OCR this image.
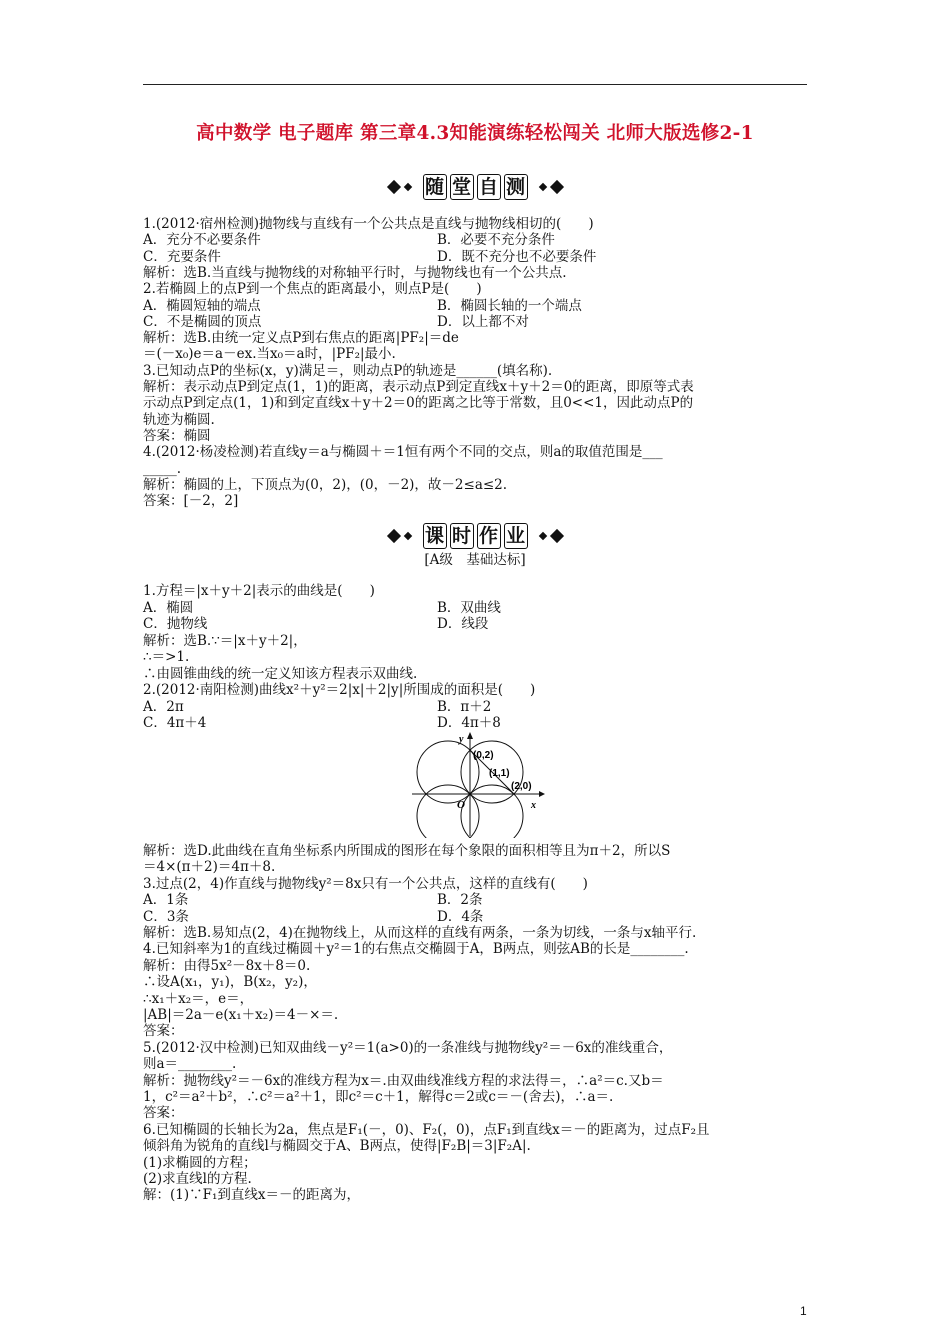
高中数学 电子题库 第三章4.3知能演练轻松闯关 北师大版选修2-1
随 堂 自 测
1.(2012·宿州检测)抛物线与直线有一个公共点是直线与抛物线相切的(　　)
A．充分不必要条件
C．充要条件
解析：选B.当直线与抛物线的对称轴平行时，与抛物线也有一个公共点.
2.若椭圆上的点P到一个焦点的距离最小，则点P是(　　)
A．椭圆短轴的端点
C．不是椭圆的顶点
解析：选B.由统一定义点P到右焦点的距离|PF₂|＝de
＝(－x₀)e＝a－ex.当x₀＝a时，|PF₂|最小.
3.已知动点P的坐标(x，y)满足＝，则动点P的轨迹是______(填名称).
解析：表示动点P到定点(1，1)的距离，表示动点P到定直线x＋y＋2＝0的距离，即原等式表
示动点P到定点(1，1)和到定直线x＋y＋2＝0的距离之比等于常数，且0<<1，因此动点P的
轨迹为椭圆.
答案：椭圆
4.(2012·杨凌检测)若直线y＝a与椭圆＋＝1恒有两个不同的交点，则a的取值范围是___
_____.
解析：椭圆的上，下顶点为(0，2)，(0，－2)，故－2≤a≤2.
答案：[－2，2]
B．必要不充分条件
D．既不充分也不必要条件
B．椭圆长轴的一个端点
D．以上都不对
课 时 作 业
[A级　基础达标]
1.方程＝|x＋y＋2|表示的曲线是(　　)
A．椭圆
C．抛物线
解析：选B.∵＝|x＋y＋2|，
∴＝>1.
∴由圆锥曲线的统一定义知该方程表示双曲线.
2.(2012·南阳检测)曲线x²＋y²＝2|x|＋2|y|所围成的面积是(　　)
A．2π
C．4π＋4
B．双曲线
D．线段
B．π＋2
D．4π＋8
O	x
y
(0,2)
(1,1)
(2,0)
解析：选D.此曲线在直角坐标系内所围成的图形在每个象限的面积相等且为π＋2，所以S
＝4×(π＋2)＝4π＋8.
3.过点(2，4)作直线与抛物线y²＝8x只有一个公共点，这样的直线有(　　)
A．1条
C．3条
解析：选B.易知点(2，4)在抛物线上，从而这样的直线有两条，一条为切线，一条与x轴平行.
4.已知斜率为1的直线过椭圆＋y²＝1的右焦点交椭圆于A，B两点，则弦AB的长是________.
解析：由得5x²－8x＋8＝0.
∴设A(x₁，y₁)，B(x₂，y₂)，
∴x₁＋x₂＝，e＝，
|AB|＝2a－e(x₁＋x₂)＝4－×＝.
答案：
5.(2012·汉中检测)已知双曲线－y²＝1(a>0)的一条准线与抛物线y²＝－6x的准线重合，
则a＝________.
解析：抛物线y²＝－6x的准线方程为x＝.由双曲线准线方程的求法得＝，∴a²＝c.又b＝
1，c²＝a²＋b²，∴c²＝a²＋1，即c²＝c＋1，解得c＝2或c＝－(舍去)，∴a＝.
答案：
6.已知椭圆的长轴长为2a，焦点是F₁(－，0)、F₂(，0)，点F₁到直线x＝－的距离为，过点F₂且
倾斜角为锐角的直线l与椭圆交于A、B两点，使得|F₂B|＝3|F₂A|.
(1)求椭圆的方程；
(2)求直线l的方程.
解：(1)∵F₁到直线x＝－的距离为，
B．2条
D．4条
1
